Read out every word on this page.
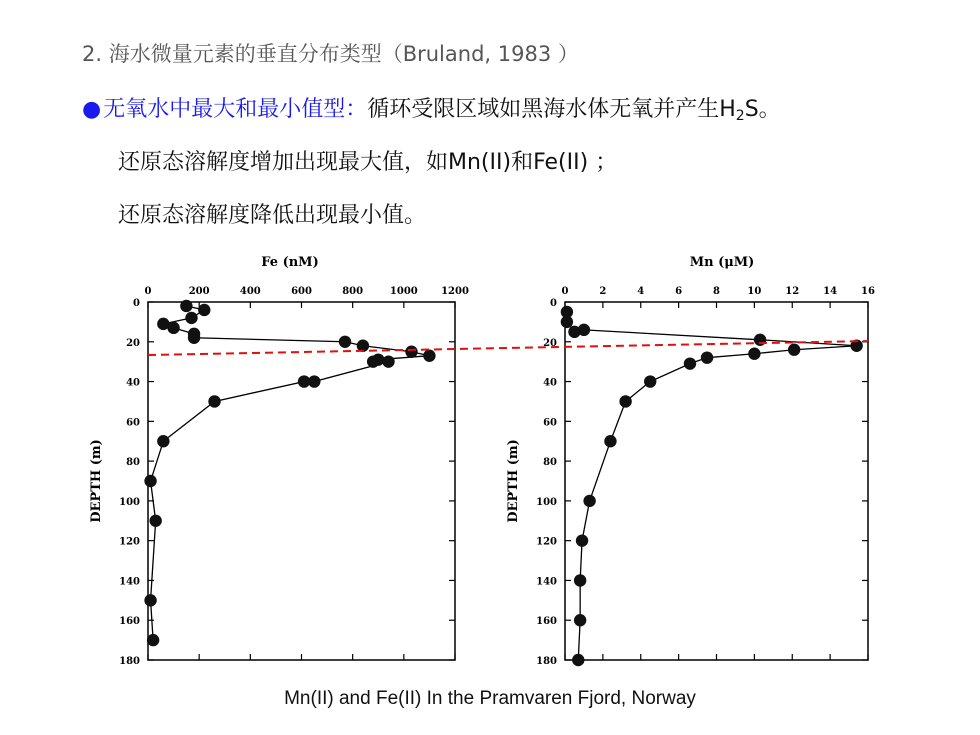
2. 海水微量元素的垂直分布类型（Bruland, 1983 ）
●无氧水中最大和最小值型：循环受限区域如黑海水体无氧并产生$H_2S$。
还原态溶解度增加出现最大值，如Mn(II)和Fe(II) ；
还原态溶解度降低出现最小值。
Fe (nM)
DEPTH (m)
0	200	400	600	800	1000 1200
0
20
40
60
80
100
120
140
160
180
Mn (μM)
DEPTH (m)
0	2	4	6	8	10 12 14 16
0
20
40
60
80
100
120
140
160
180
Mn(II) and Fe(II) In the Pramvaren Fjord, Norway
